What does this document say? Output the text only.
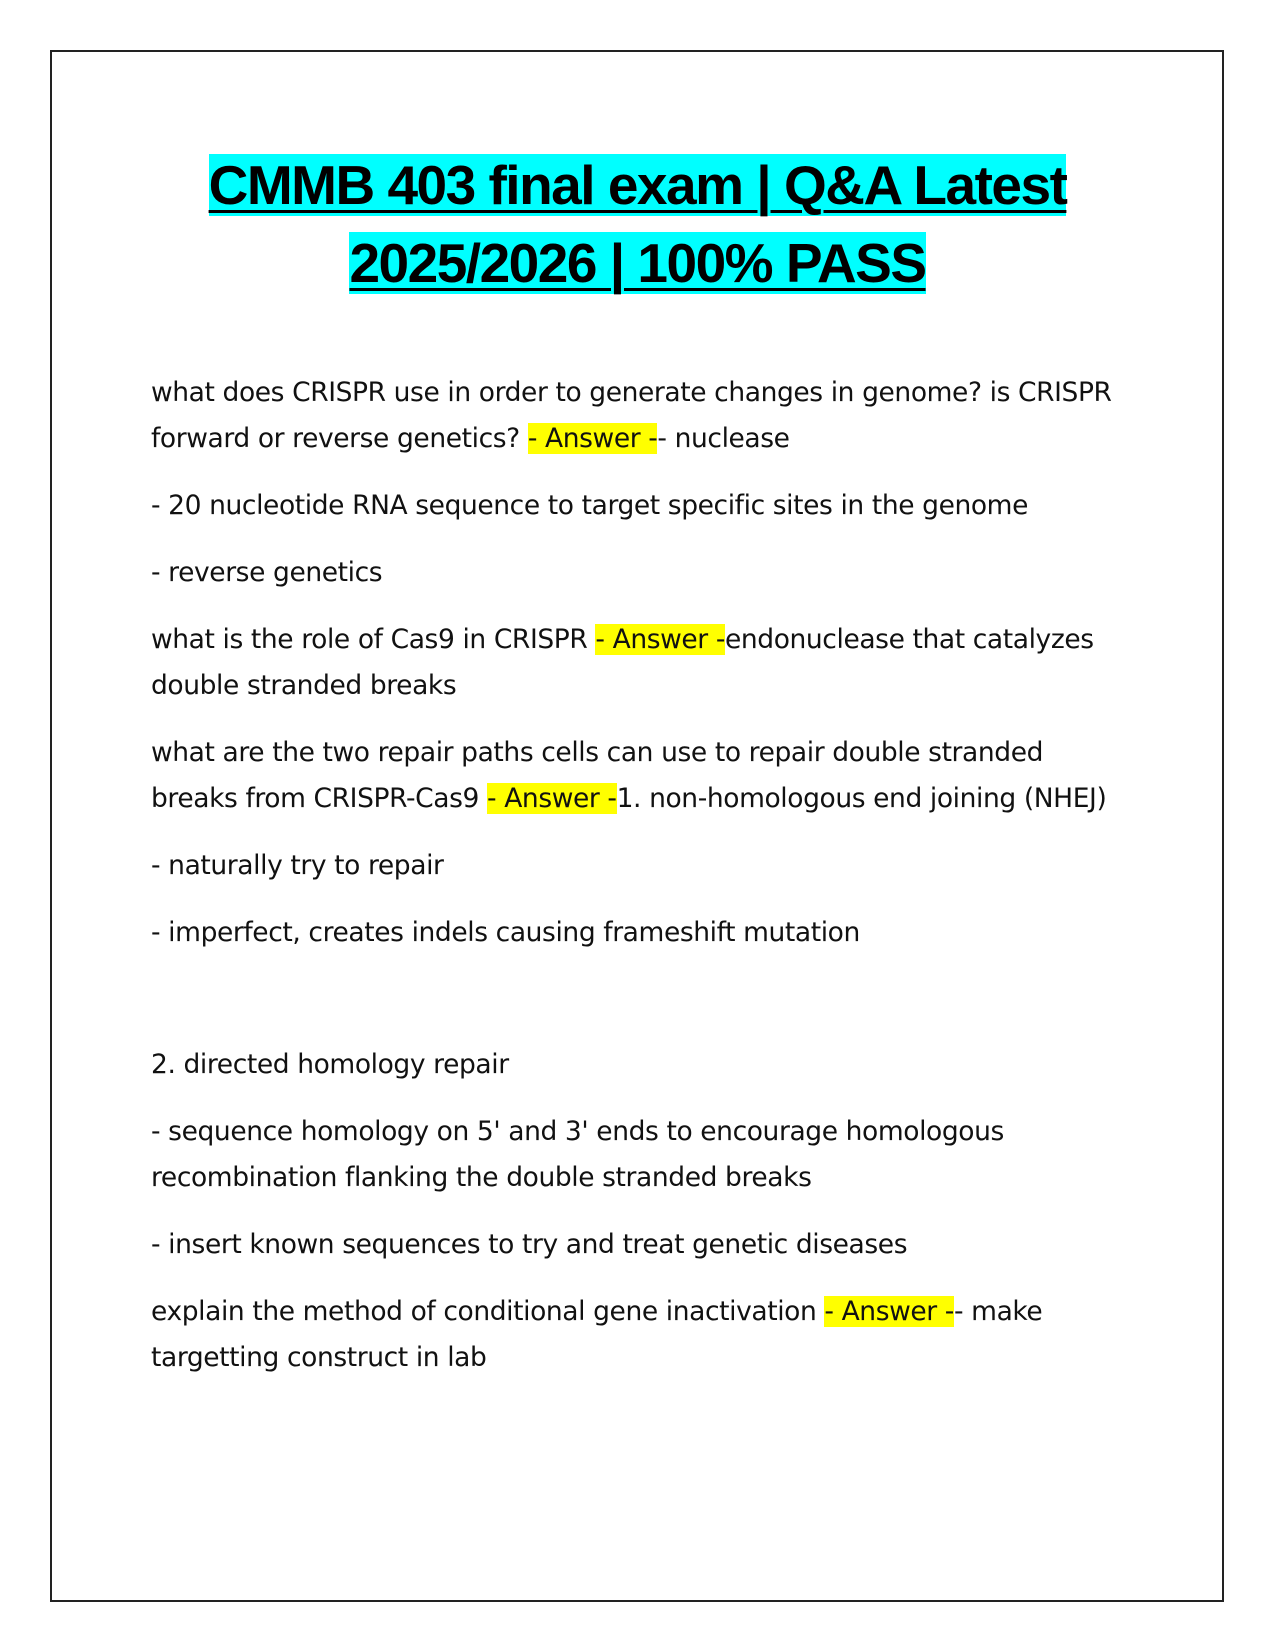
CMMB 403 final exam | Q&A Latest
2025/2026 | 100% PASS

what does CRISPR use in order to generate changes in genome? is CRISPR forward or reverse genetics? - Answer -- nuclease

- 20 nucleotide RNA sequence to target specific sites in the genome

- reverse genetics

what is the role of Cas9 in CRISPR - Answer -endonuclease that catalyzes double stranded breaks

what are the two repair paths cells can use to repair double stranded breaks from CRISPR-Cas9 - Answer -1. non-homologous end joining (NHEJ)

- naturally try to repair

- imperfect, creates indels causing frameshift mutation

2. directed homology repair

- sequence homology on 5' and 3' ends to encourage homologous recombination flanking the double stranded breaks

- insert known sequences to try and treat genetic diseases

explain the method of conditional gene inactivation - Answer -- make targetting construct in lab
